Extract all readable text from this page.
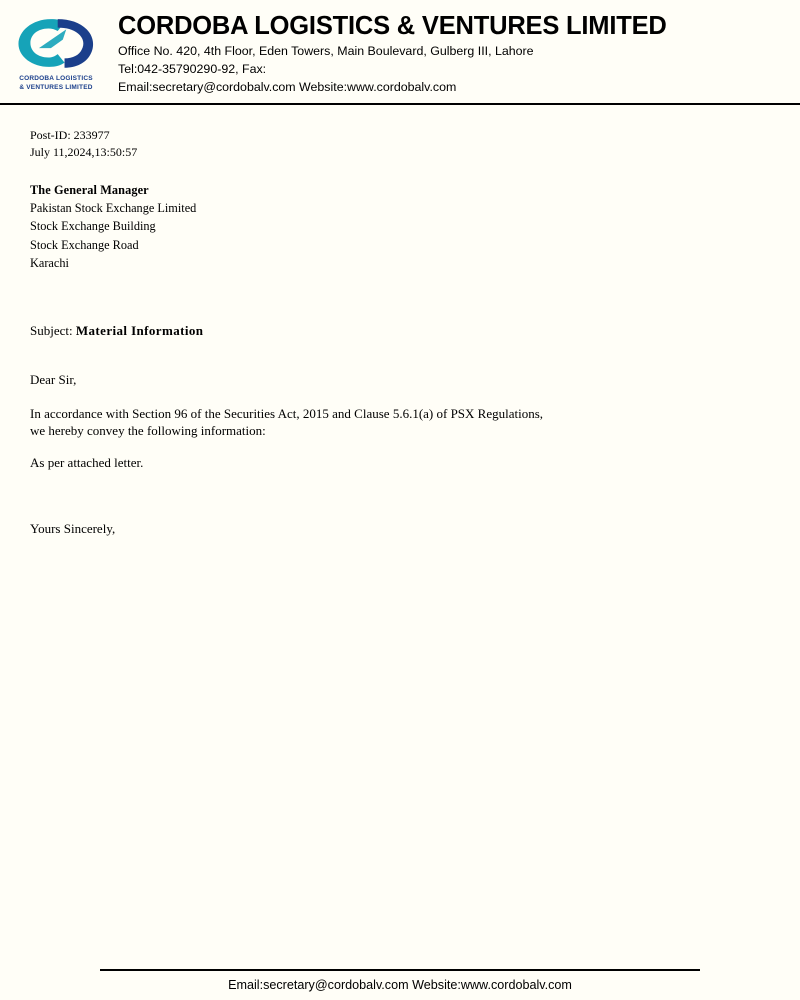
CORDOBA LOGISTICS
& VENTURES LIMITED
CORDOBA LOGISTICS & VENTURES LIMITED
Office No. 420, 4th Floor, Eden Towers, Main Boulevard, Gulberg III, Lahore
Tel:042-35790290-92, Fax:
Email:secretary@cordobalv.com Website:www.cordobalv.com
Post-ID: 233977
July 11,2024,13:50:57
The General Manager
Pakistan Stock Exchange Limited
Stock Exchange Building
Stock Exchange Road
Karachi
Subject: Material Information
Dear Sir,
In accordance with Section 96 of the Securities Act, 2015 and Clause 5.6.1(a) of PSX Regulations,
we hereby convey the following information:
As per attached letter.
Yours Sincerely,
Email:secretary@cordobalv.com Website:www.cordobalv.com
